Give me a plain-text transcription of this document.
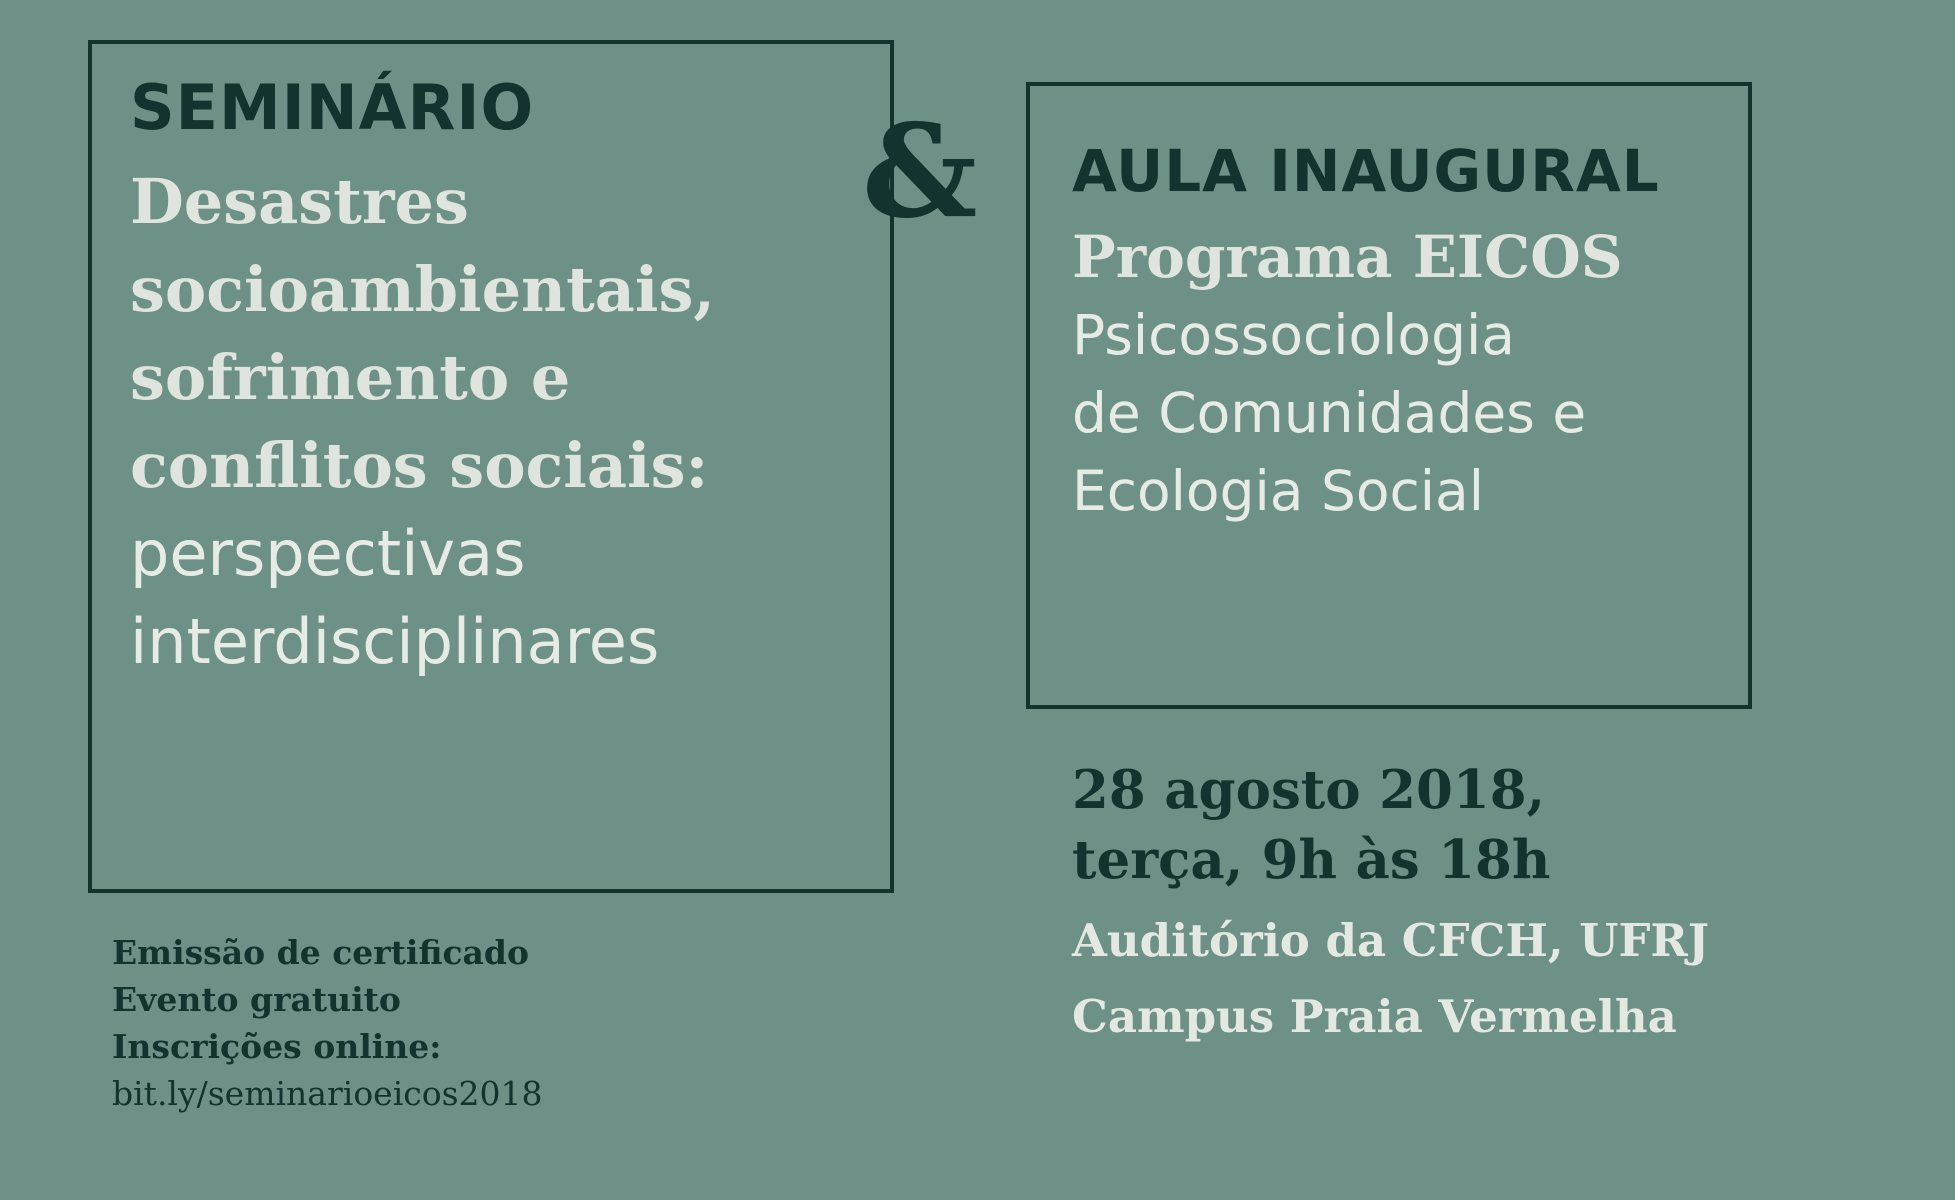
SEMINÁRIO
Desastres
socioambientais,
sofrimento e
conflitos sociais:
perspectivas
interdisciplinares
Emissão de certificado
Evento gratuito
Inscrições online:
bit.ly/seminarioeicos2018
& AULA INAUGURAL
Programa EICOS
Psicossociologia
de Comunidades e
Ecologia Social
28 agosto 2018,
terça, 9h às 18h
Auditório da CFCH, UFRJ
Campus Praia Vermelha
